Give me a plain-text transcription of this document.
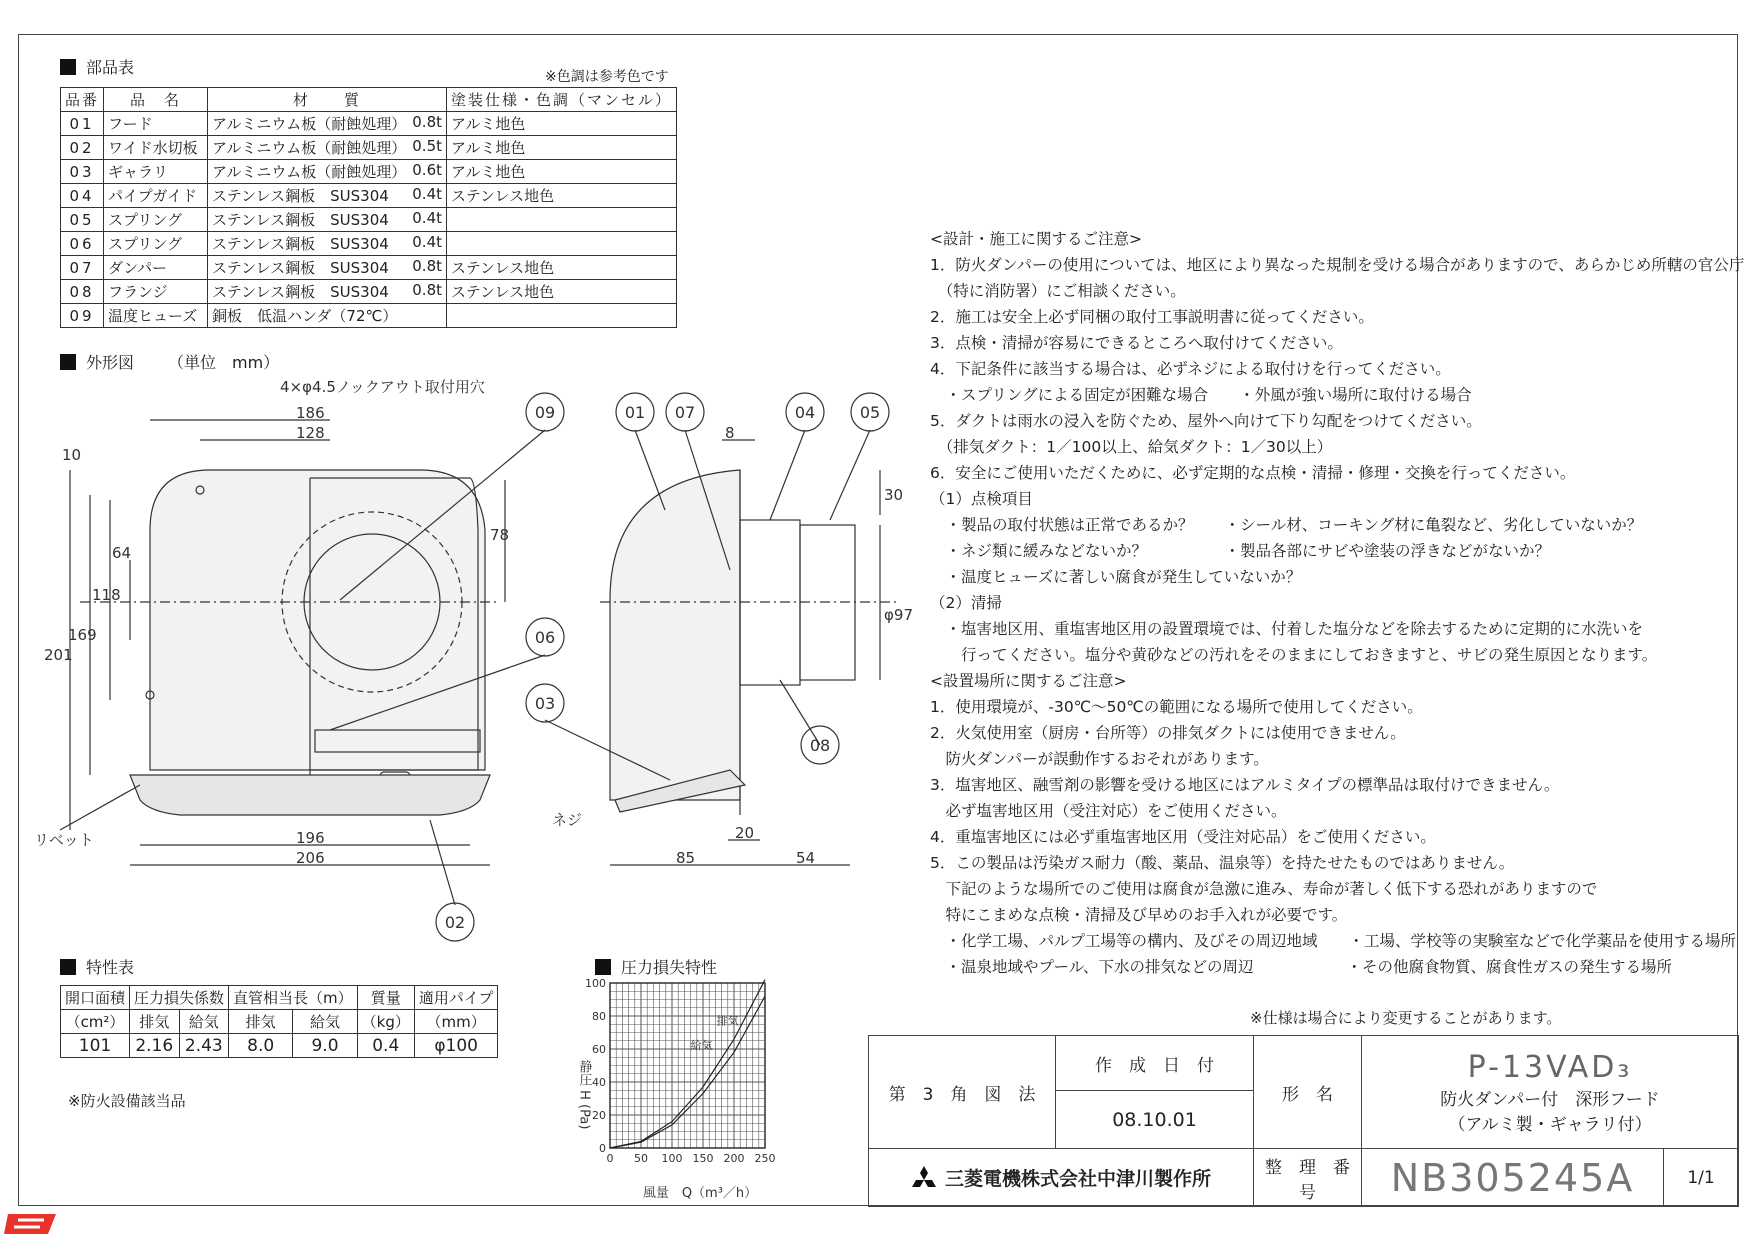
部品表	※色調は参考色です
品番	品　名	材　　質	塗装仕様・色調（マンセル）
01	フード	アルミニウム板（耐蝕処理） 0.8t	アルミ地色
02	ワイド水切板	アルミニウム板（耐蝕処理） 0.5t	アルミ地色
03	ギャラリ	アルミニウム板（耐蝕処理） 0.6t	アルミ地色
04	パイプガイド	ステンレス鋼板　SUS304 0.4t	ステンレス地色
05	スプリング	ステンレス鋼板　SUS304 0.4t	

06	スプリング	ステンレス鋼板　SUS304 0.4t	

07	ダンパー	ステンレス鋼板　SUS304 0.8t	ステンレス地色
08	フランジ	ステンレス鋼板　SUS304 0.8t	ステンレス地色
09	温度ヒューズ	銅板　低温ハンダ（72℃）	

外形図 （単位　mm）
4×φ4.5ノックアウト取付用穴
186
128
10
64
118
169
201
78
196
206
リベット
8
30
φ97
20
85	54
ネジ
09
06
03
02
01 07	04	05
08
<設計・施工に関するご注意>
1．防火ダンパーの使用については、地区により異なった規制を受ける場合がありますので、あらかじめ所轄の官公庁
　（特に消防署）にご相談ください。
2．施工は安全上必ず同梱の取付工事説明書に従ってください。
3．点検・清掃が容易にできるところへ取付けてください。
4．下記条件に該当する場合は、必ずネジによる取付けを行ってください。
　・スプリングによる固定が困難な場合　　・外風が強い場所に取付ける場合
5．ダクトは雨水の浸入を防ぐため、屋外へ向けて下り勾配をつけてください。
　（排気ダクト：1／100以上、給気ダクト：1／30以上）
6．安全にご使用いただくために、必ず定期的な点検・清掃・修理・交換を行ってください。
（1）点検項目
　・製品の取付状態は正常であるか？　　・シール材、コーキング材に亀裂など、劣化していないか？
　・ネジ類に緩みなどないか？　　　　　・製品各部にサビや塗装の浮きなどがないか？
　・温度ヒューズに著しい腐食が発生していないか？
（2）清掃
　・塩害地区用、重塩害地区用の設置環境では、付着した塩分などを除去するために定期的に水洗いを
　　行ってください。塩分や黄砂などの汚れをそのままにしておきますと、サビの発生原因となります。
<設置場所に関するご注意>
1．使用環境が、-30℃～50℃の範囲になる場所で使用してください。
2．火気使用室（厨房・台所等）の排気ダクトには使用できません。
　防火ダンパーが誤動作するおそれがあります。
3．塩害地区、融雪剤の影響を受ける地区にはアルミタイプの標準品は取付けできません。
　必ず塩害地区用（受注対応）をご使用ください。
4．重塩害地区には必ず重塩害地区用（受注対応品）をご使用ください。
5．この製品は汚染ガス耐力（酸、薬品、温泉等）を持たせたものではありません。
　下記のような場所でのご使用は腐食が急激に進み、寿命が著しく低下する恐れがありますので
　特にこまめな点検・清掃及び早めのお手入れが必要です。
　・化学工場、パルプ工場等の構内、及びその周辺地域　　・工場、学校等の実験室などで化学薬品を使用する場所
　・温泉地域やプール、下水の排気などの周辺　　　　　　・その他腐食物質、腐食性ガスの発生する場所
※仕様は場合により変更することがあります。
特性表
開口面積	圧力損失係数		直管相当長（m）		質量	適用パイプ
（cm²）	排気	給気	排気	給気	（kg）	（mm）
101	2.16	2.43	8.0	9.0	0.4	φ100
※防火設備該当品
圧力損失特性
静圧 H (Pa)
風量　Q（m³／h）
0 50 100 150 200 250
0
20
40
60
80
100
給気
排気
第　3　角　図　法
作　成　日　付
08.10.01
形　名
P-13VAD₃
防火ダンパー付　深形フード
（アルミ製・ギャラリ付）
三菱電機株式会社中津川製作所
整　理　番　号	NB305245A	1/1
